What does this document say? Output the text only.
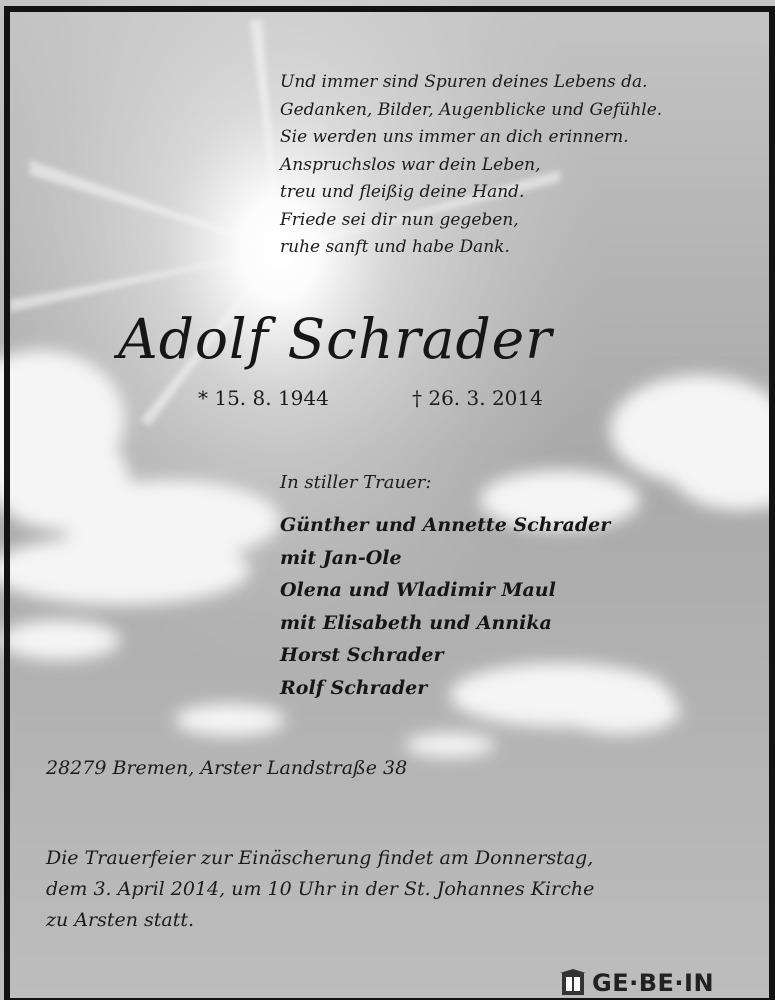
Und immer sind Spuren deines Lebens da.
Gedanken, Bilder, Augenblicke und Gefühle.
Sie werden uns immer an dich erinnern.
Anspruchslos war dein Leben,
treu und fleißig deine Hand.
Friede sei dir nun gegeben,
ruhe sanft und habe Dank.
Adolf Schrader
* 15. 8. 1944	† 26. 3. 2014
In stiller Trauer:
Günther und Annette Schrader
mit Jan-Ole
Olena und Wladimir Maul
mit Elisabeth und Annika
Horst Schrader
Rolf Schrader
28279 Bremen, Arster Landstraße 38
Die Trauerfeier zur Einäscherung findet am Donnerstag,
dem 3. April 2014, um 10 Uhr in der St. Johannes Kirche
zu Arsten statt.
GE·BE·IN
